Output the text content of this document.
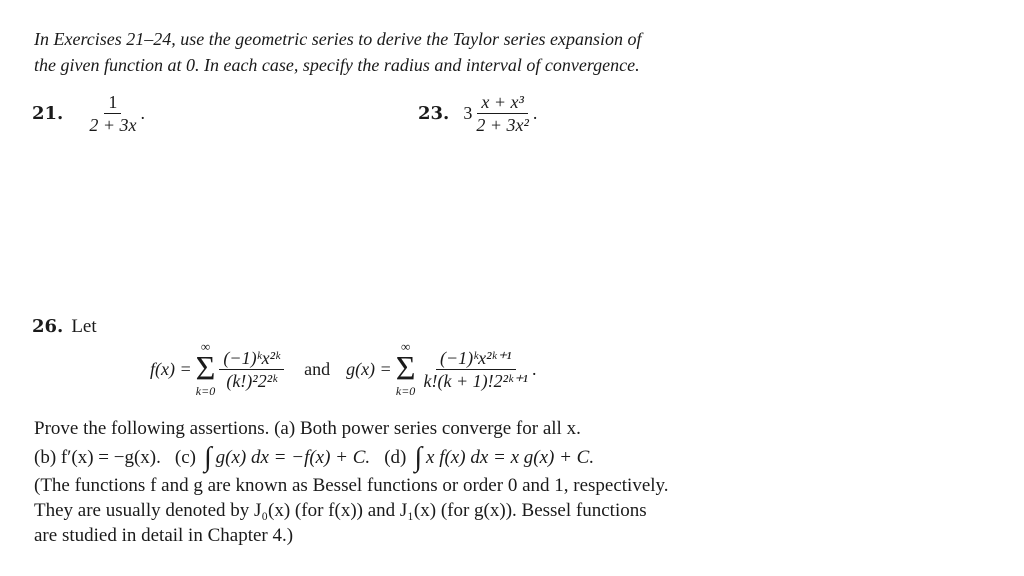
In Exercises 21–24, use the geometric series to derive the Taylor series expansion of
the given function at 0. In each case, specify the radius and interval of convergence.
21. $\frac{1}{2 + 3x}$ .	23. $3 \frac{\text{x + x³}}{\text{2 + 3x²}}$ .
26. Let
f(x) =
∞
Σ
k=0
$\frac{\text{(−1)ᵏx²ᵏ}}{\text{(k!)²2²ᵏ}}$ and g(x) =
∞
Σ
k=0
$\frac{\text{(−1)ᵏx²ᵏ⁺¹}}{\text{k!(k + 1)!2²ᵏ⁺¹}}$ .
Prove the following assertions. (a) Both power series converge for all x.
(b) f′(x) = −g(x). (c) ∫ g(x) dx = −f(x) + C. (d) ∫ x f(x) dx = x g(x) + C.
(The functions f and g are known as Bessel functions or order 0 and 1, respectively.
They are usually denoted by J₀(x) (for f(x)) and J₁(x) (for g(x)). Bessel functions
are studied in detail in Chapter 4.)
